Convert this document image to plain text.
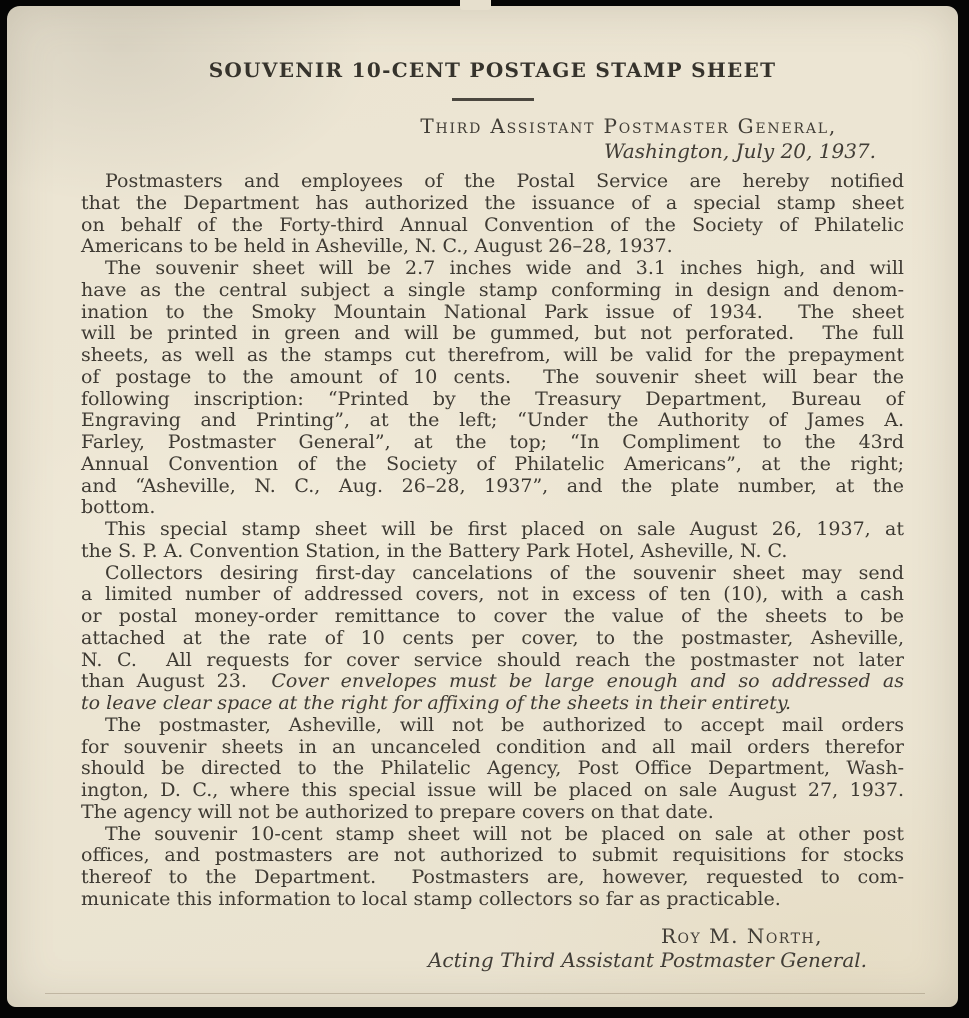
SOUVENIR 10-CENT POSTAGE STAMP SHEET
Third Assistant Postmaster General,
Washington, July 20, 1937.
Postmasters and employees of the Postal Service are hereby notified
that the Department has authorized the issuance of a special stamp sheet
on behalf of the Forty-third Annual Convention of the Society of Philatelic
Americans to be held in Asheville, N. C., August 26–28, 1937.
The souvenir sheet will be 2.7 inches wide and 3.1 inches high, and will
have as the central subject a single stamp conforming in design and denom-
ination to the Smoky Mountain National Park issue of 1934.  The sheet
will be printed in green and will be gummed, but not perforated.  The full
sheets, as well as the stamps cut therefrom, will be valid for the prepayment
of postage to the amount of 10 cents.  The souvenir sheet will bear the
following inscription: “Printed by the Treasury Department, Bureau of
Engraving and Printing”, at the left; “Under the Authority of James A.
Farley, Postmaster General”, at the top; “In Compliment to the 43rd
Annual Convention of the Society of Philatelic Americans”, at the right;
and “Asheville, N. C., Aug. 26–28, 1937”, and the plate number, at the
bottom.
This special stamp sheet will be first placed on sale August 26, 1937, at
the S. P. A. Convention Station, in the Battery Park Hotel, Asheville, N. C.
Collectors desiring first-day cancelations of the souvenir sheet may send
a limited number of addressed covers, not in excess of ten (10), with a cash
or postal money-order remittance to cover the value of the sheets to be
attached at the rate of 10 cents per cover, to the postmaster, Asheville,
N. C.  All requests for cover service should reach the postmaster not later
than August 23.  Cover envelopes must be large enough and so addressed as
to leave clear space at the right for affixing of the sheets in their entirety.
The postmaster, Asheville, will not be authorized to accept mail orders
for souvenir sheets in an uncanceled condition and all mail orders therefor
should be directed to the Philatelic Agency, Post Office Department, Wash-
ington, D. C., where this special issue will be placed on sale August 27, 1937.
The agency will not be authorized to prepare covers on that date.
The souvenir 10-cent stamp sheet will not be placed on sale at other post
offices, and postmasters are not authorized to submit requisitions for stocks
thereof to the Department.  Postmasters are, however, requested to com-
municate this information to local stamp collectors so far as practicable.
Roy M. North,
Acting Third Assistant Postmaster General.
